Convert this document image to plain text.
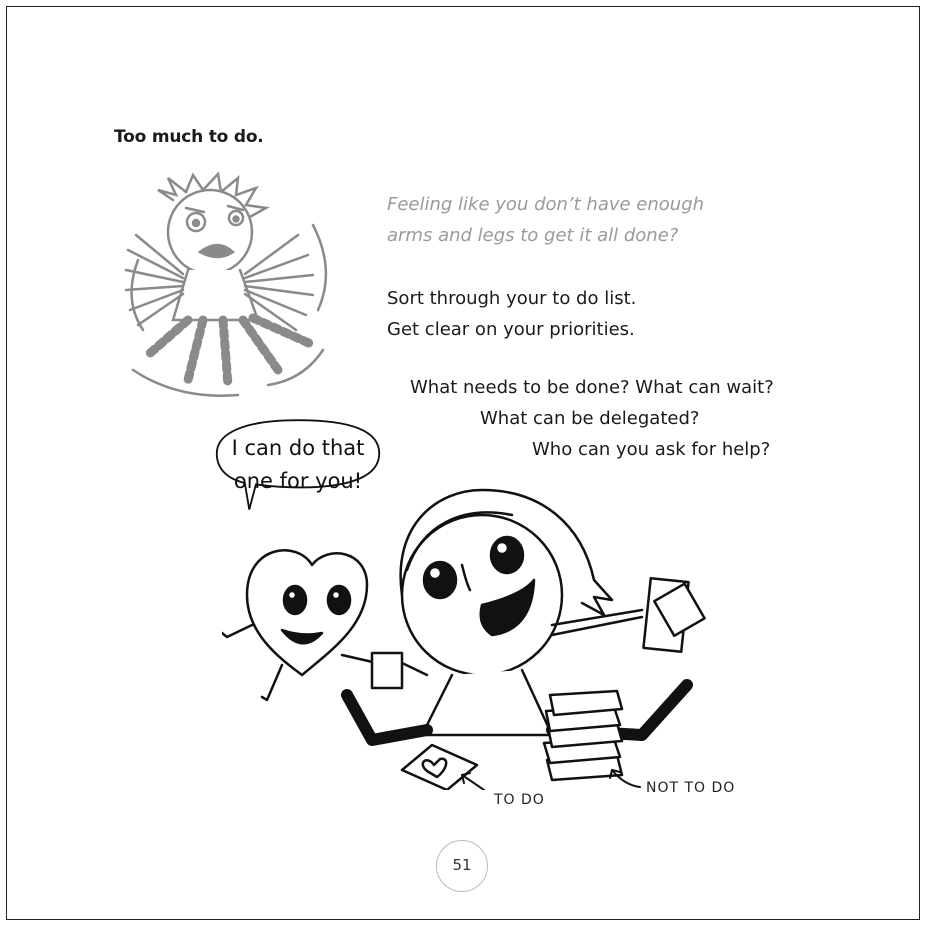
Too much to do.
Feeling like you don’t have enough
arms and legs to get it all done?
Sort through your to do list.
Get clear on your priorities.
What needs to be done? What can wait?
What can be delegated?
Who can you ask for help?
I can do that
one for you!
TO DO
NOT TO DO
51
